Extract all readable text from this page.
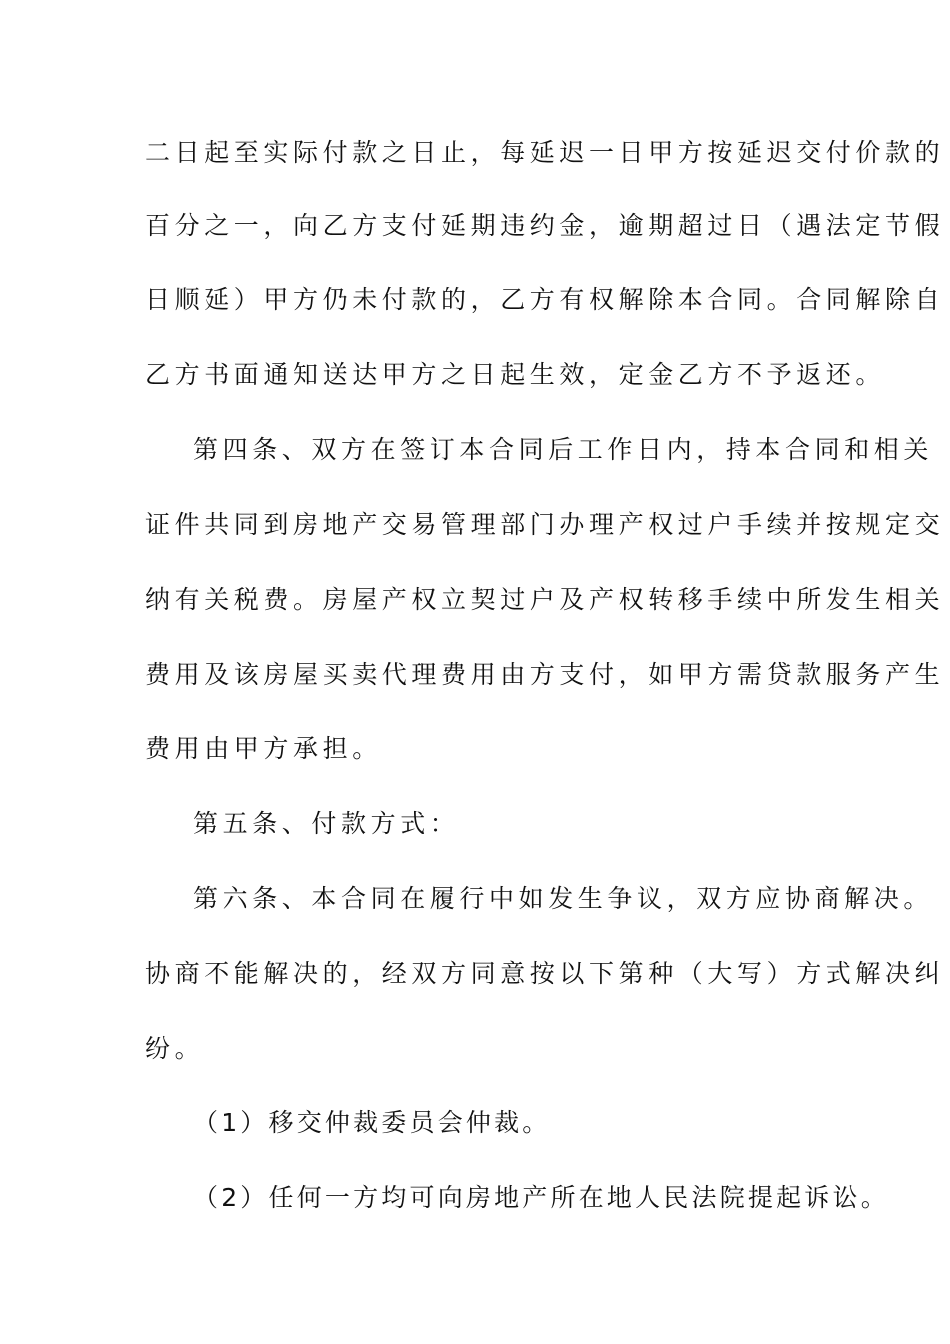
二日起至实际付款之日止，每延迟一日甲方按延迟交付价款的
百分之一，向乙方支付延期违约金，逾期超过日（遇法定节假
日顺延）甲方仍未付款的，乙方有权解除本合同。合同解除自
乙方书面通知送达甲方之日起生效，定金乙方不予返还。
第四条、双方在签订本合同后工作日内，持本合同和相关
证件共同到房地产交易管理部门办理产权过户手续并按规定交
纳有关税费。房屋产权立契过户及产权转移手续中所发生相关
费用及该房屋买卖代理费用由方支付，如甲方需贷款服务产生
费用由甲方承担。
第五条、付款方式：
第六条、本合同在履行中如发生争议，双方应协商解决。
协商不能解决的，经双方同意按以下第种（大写）方式解决纠
纷。
（1）移交仲裁委员会仲裁。
（2）任何一方均可向房地产所在地人民法院提起诉讼。
